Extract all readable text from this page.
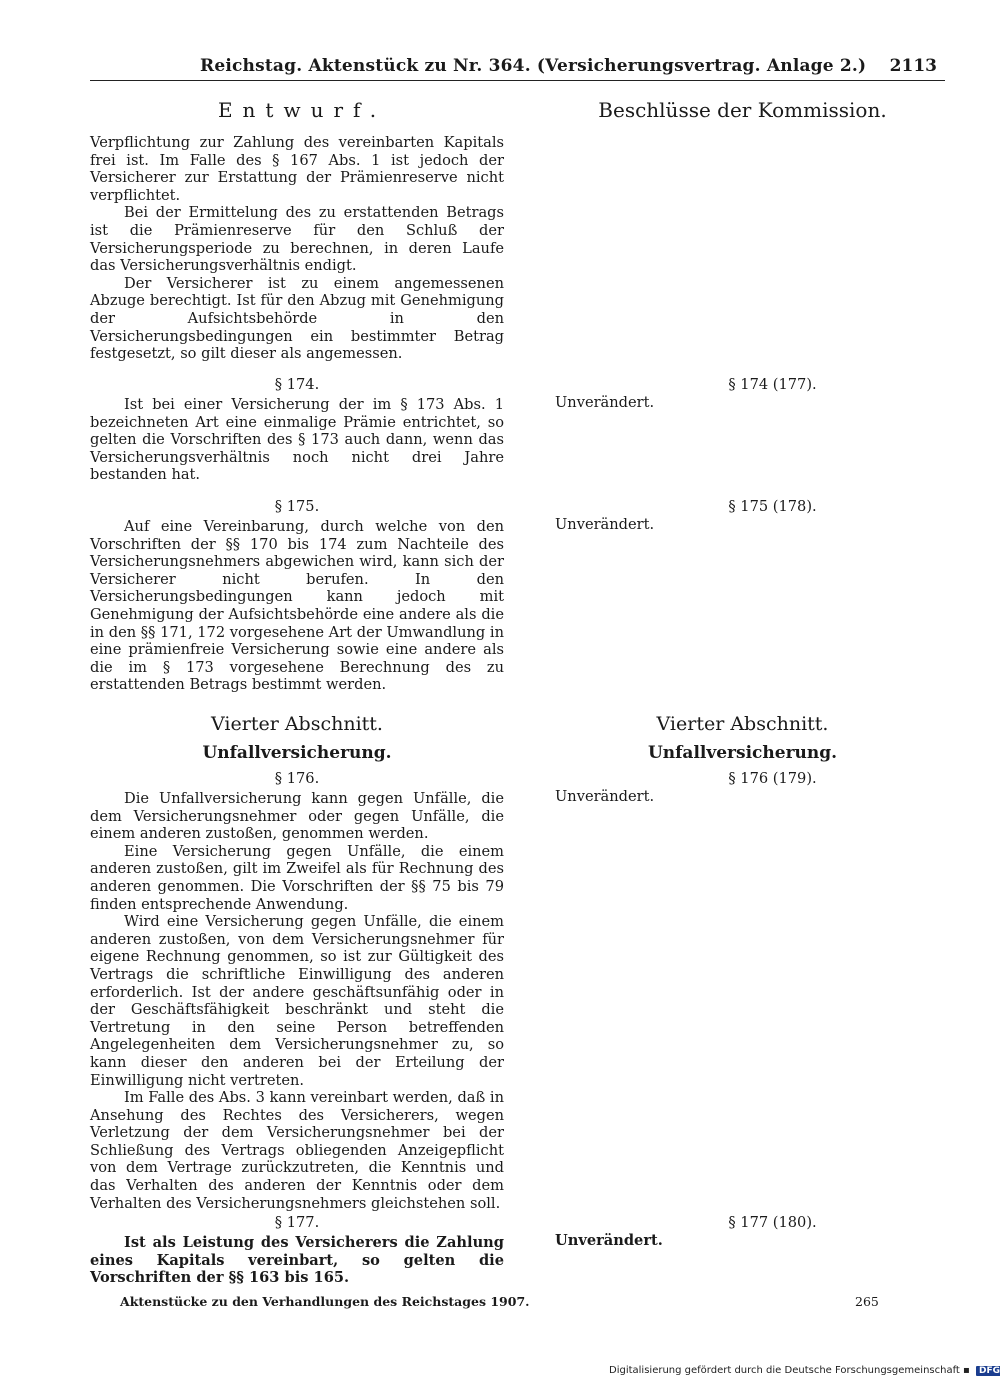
Reichstag. Aktenstück zu Nr. 364. (Versicherungsvertrag. Anlage 2.) 2113
Entwurf.

Verpflichtung zur Zahlung des vereinbarten Kapitals frei ist. Im Falle des § 167 Abs. 1 ist jedoch der Versicherer zur Erstattung der Prämienreserve nicht verpflichtet.

Bei der Ermittelung des zu erstattenden Betrags ist die Prämienreserve für den Schluß der Versicherungsperiode zu berechnen, in deren Laufe das Versicherungsverhältnis endigt.

Der Versicherer ist zu einem angemessenen Abzuge berechtigt. Ist für den Abzug mit Genehmigung der Aufsichtsbehörde in den Versicherungsbedingungen ein bestimmter Betrag festgesetzt, so gilt dieser als angemessen.

§ 174.

Ist bei einer Versicherung der im § 173 Abs. 1 bezeichneten Art eine einmalige Prämie entrichtet, so gelten die Vorschriften des § 173 auch dann, wenn das Versicherungsverhältnis noch nicht drei Jahre bestanden hat.

§ 175.

Auf eine Vereinbarung, durch welche von den Vorschriften der §§ 170 bis 174 zum Nachteile des Versicherungsnehmers abgewichen wird, kann sich der Versicherer nicht berufen. In den Versicherungsbedingungen kann jedoch mit Genehmigung der Aufsichtsbehörde eine andere als die in den §§ 171, 172 vorgesehene Art der Umwandlung in eine prämienfreie Versicherung sowie eine andere als die im § 173 vorgesehene Berechnung des zu erstattenden Betrags bestimmt werden.

Vierter Abschnitt.
Unfallversicherung.
§ 176.

Die Unfallversicherung kann gegen Unfälle, die dem Versicherungsnehmer oder gegen Unfälle, die einem anderen zustoßen, genommen werden.

Eine Versicherung gegen Unfälle, die einem anderen zustoßen, gilt im Zweifel als für Rechnung des anderen genommen. Die Vorschriften der §§ 75 bis 79 finden entsprechende Anwendung.

Wird eine Versicherung gegen Unfälle, die einem anderen zustoßen, von dem Versicherungsnehmer für eigene Rechnung genommen, so ist zur Gültigkeit des Vertrags die schriftliche Einwilligung des anderen erforderlich. Ist der andere geschäftsunfähig oder in der Geschäftsfähigkeit beschränkt und steht die Vertretung in den seine Person betreffenden Angelegenheiten dem Versicherungsnehmer zu, so kann dieser den anderen bei der Erteilung der Einwilligung nicht vertreten.

Im Falle des Abs. 3 kann vereinbart werden, daß in Ansehung des Rechtes des Versicherers, wegen Verletzung der dem Versicherungsnehmer bei der Schließung des Vertrags obliegenden Anzeigepflicht von dem Vertrage zurückzutreten, die Kenntnis und das Verhalten des anderen der Kenntnis oder dem Verhalten des Versicherungsnehmers gleichstehen soll.

§ 177.

Ist als Leistung des Versicherers die Zahlung eines Kapitals vereinbart, so gelten die Vorschriften der §§ 163 bis 165.

Beschlüsse der Kommission.
§ 174 (177).
Unverändert.
§ 175 (178).
Unverändert.
Vierter Abschnitt.
Unfallversicherung.
§ 176 (179).
Unverändert.
§ 177 (180).
Unverändert.
Aktenstücke zu den Verhandlungen des Reichstages 1907.	265
Digitalisierung gefördert durch die Deutsche Forschungsgemeinschaft ▪ DFG
